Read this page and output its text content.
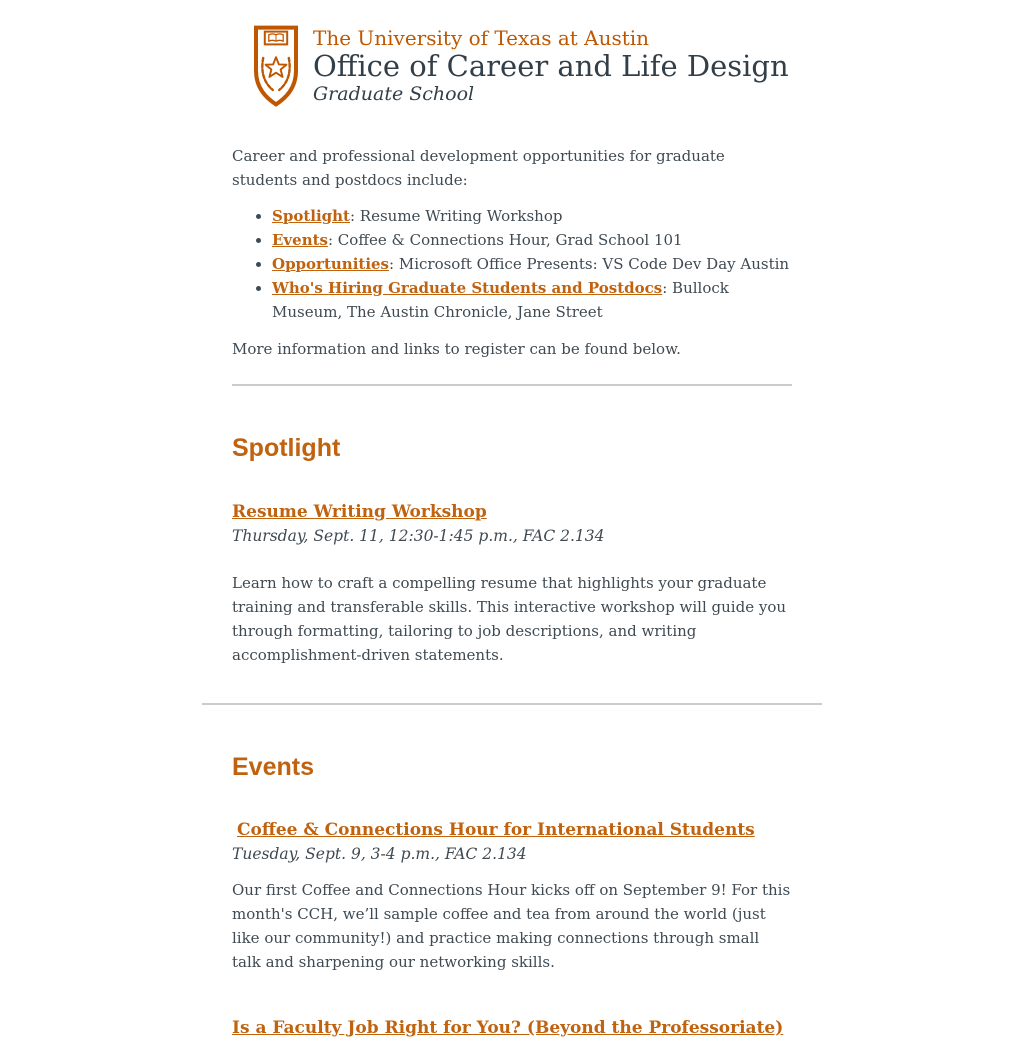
The University of Texas at Austin

Office of Career and Life Design

Graduate School

Career and professional development opportunities for graduate students and postdocs include:

• Spotlight: Resume Writing Workshop
• Events: Coffee & Connections Hour, Grad School 101
• Opportunities: Microsoft Office Presents: VS Code Dev Day Austin
• Who's Hiring Graduate Students and Postdocs: Bullock Museum, The Austin Chronicle, Jane Street

More information and links to register can be found below.

Spotlight

Resume Writing Workshop

Thursday, Sept. 11, 12:30-1:45 p.m., FAC 2.134

Learn how to craft a compelling resume that highlights your graduate training and transferable skills. This interactive workshop will guide you through formatting, tailoring to job descriptions, and writing accomplishment-driven statements.

Events

Coffee & Connections Hour for International Students

Tuesday, Sept. 9, 3-4 p.m., FAC 2.134

Our first Coffee and Connections Hour kicks off on September 9! For this month's CCH, we’ll sample coffee and tea from around the world (just like our community!) and practice making connections through small talk and sharpening our networking skills.

Is a Faculty Job Right for You? (Beyond the Professoriate)
